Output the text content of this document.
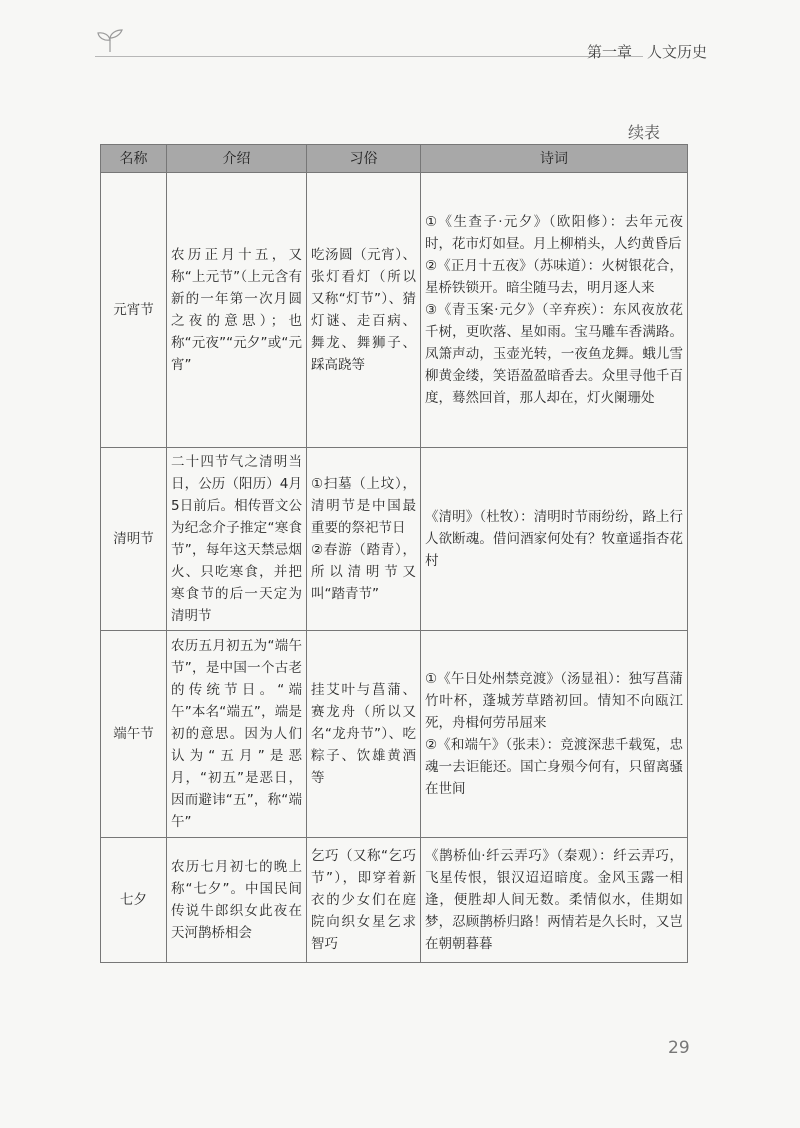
第一章　人文历史
续表
名称	介绍	习俗	诗词
元宵节	农历正月十五，又称“上元节”（上元含有新的一年第一次月圆之夜的意思）；也称“元夜”“元夕”或“元宵”	吃汤圆（元宵）、张灯看灯（所以又称“灯节”）、猜灯谜、走百病、舞龙、舞狮子、踩高跷等	①《生查子·元夕》（欧阳修）：去年元夜时，花市灯如昼。月上柳梢头，人约黄昏后
②《正月十五夜》（苏味道）：火树银花合，星桥铁锁开。暗尘随马去，明月逐人来
③《青玉案·元夕》（辛弃疾）：东风夜放花千树，更吹落、星如雨。宝马雕车香满路。凤箫声动，玉壶光转，一夜鱼龙舞。蛾儿雪柳黄金缕，笑语盈盈暗香去。众里寻他千百度，蓦然回首，那人却在，灯火阑珊处
清明节	二十四节气之清明当日，公历（阳历）4月5日前后。相传晋文公为纪念介子推定“寒食节”，每年这天禁忌烟火、只吃寒食，并把寒食节的后一天定为清明节	①扫墓（上坟），清明节是中国最重要的祭祀节日
②春游（踏青），所以清明节又叫“踏青节”	《清明》（杜牧）：清明时节雨纷纷，路上行人欲断魂。借问酒家何处有？牧童遥指杏花村
端午节	农历五月初五为“端午节”，是中国一个古老的传统节日。“端午”本名“端五”，端是初的意思。因为人们认为“五月”是恶月，“初五”是恶日，因而避讳“五”，称“端午”	挂艾叶与菖蒲、赛龙舟（所以又名“龙舟节”）、吃粽子、饮雄黄酒等	①《午日处州禁竞渡》（汤显祖）：独写菖蒲竹叶杯，蓬城芳草踏初回。情知不向瓯江死，舟楫何劳吊屈来
②《和端午》（张耒）：竞渡深悲千载冤，忠魂一去讵能还。国亡身殒今何有，只留离骚在世间
七夕	农历七月初七的晚上称“七夕”。中国民间传说牛郎织女此夜在天河鹊桥相会	乞巧（又称“乞巧节”），即穿着新衣的少女们在庭院向织女星乞求智巧	《鹊桥仙·纤云弄巧》（秦观）：纤云弄巧，飞星传恨，银汉迢迢暗度。金风玉露一相逢，便胜却人间无数。柔情似水，佳期如梦，忍顾鹊桥归路！两情若是久长时，又岂在朝朝暮暮
29
